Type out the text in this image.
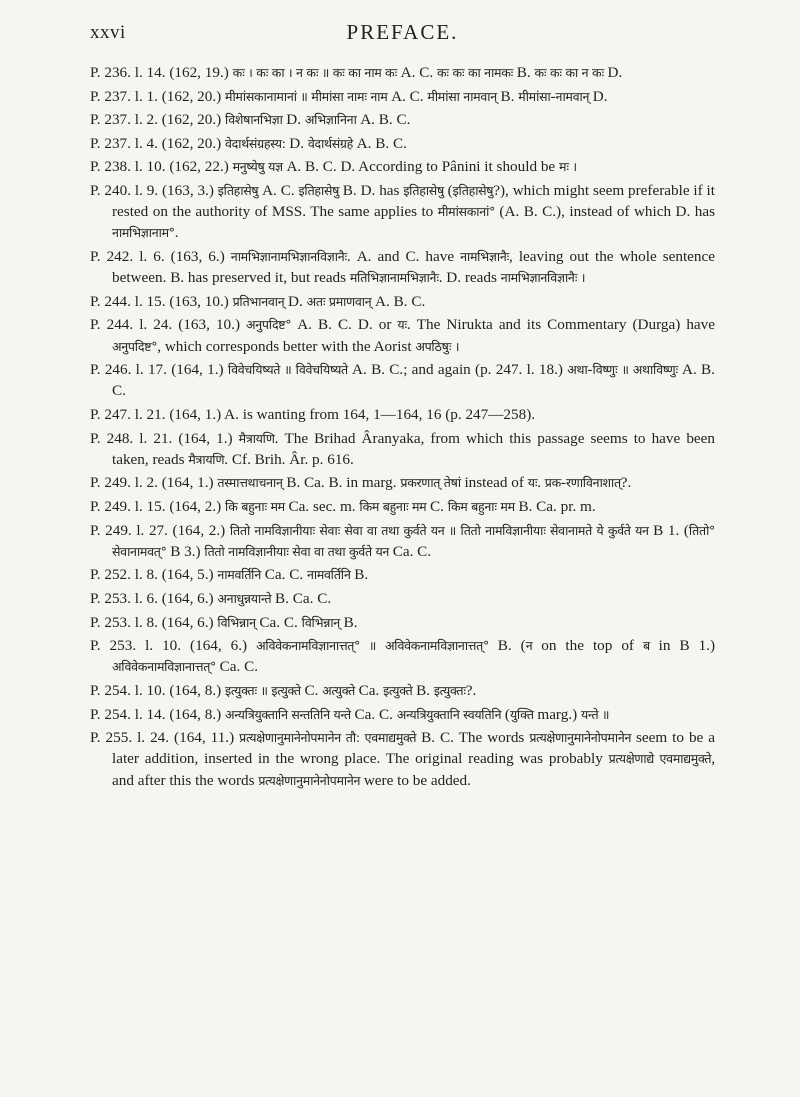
xxvi	PREFACE.

P. 236. l. 14. (162, 19.) कः । कः का । न कः ॥ कः का नाम कः A. C. कः कः का नामकः B. कः कः का न कः D.

P. 237. l. 1. (162, 20.) मीमांसकानामानां ॥ मीमांसा नामः नाम A. C. मीमांसा नामवान् B. मीमांसा-नामवान् D.

P. 237. l. 2. (162, 20.) विशेषानभिज्ञा D. अभिज्ञानिना A. B. C.

P. 237. l. 4. (162, 20.) वेदार्थसंग्रहस्य: D. वेदार्थसंग्रहे A. B. C.

P. 238. l. 10. (162, 22.) मनुष्येषु यज्ञ A. B. C. D. According to Pânini it should be मः ।

P. 240. l. 9. (163, 3.) इतिहासेषु A. C. इतिहासेषु B. D. has इतिहासेषु (इतिहासेषु?), which might seem preferable if it rested on the authority of MSS. The same applies to मीमांसकानां° (A. B. C.), instead of which D. has नामभिज्ञानाम°.

P. 242. l. 6. (163, 6.) नामभिज्ञानामभिज्ञानविज्ञानैः. A. and C. have नामभिज्ञानैः, leaving out the whole sentence between. B. has preserved it, but reads मतिभिज्ञानामभिज्ञानैः. D. reads नामभिज्ञानविज्ञानैः ।

P. 244. l. 15. (163, 10.) प्रतिभानवान् D. अतः प्रमाणवान् A. B. C.

P. 244. l. 24. (163, 10.) अनुपदिष्ट° A. B. C. D. or यः. The Nirukta and its Commentary (Durga) have अनुपदिष्ट°, which corresponds better with the Aorist अपठिषुः ।

P. 246. l. 17. (164, 1.) विवेचयिष्यते ॥ विवेचयिष्यते A. B. C.; and again (p. 247. l. 18.) अथा-विष्णुः ॥ अथाविष्णुः A. B. C.

P. 247. l. 21. (164, 1.) A. is wanting from 164, 1—164, 16 (p. 247—258).

P. 248. l. 21. (164, 1.) मैत्रायणि. The Brihad Âranyaka, from which this passage seems to have been taken, reads मैत्रायणि. Cf. Brih. Âr. p. 616.

P. 249. l. 2. (164, 1.) तस्मात्तथाचनान् B. Ca. B. in marg. प्रकरणात् तेषां instead of यः. प्रक-रणाविनाशात्?.

P. 249. l. 15. (164, 2.) कि बहुनाः मम Ca. sec. m. किम बहुनाः मम C. किम बहुनाः मम B. Ca. pr. m.

P. 249. l. 27. (164, 2.) तितो नामविज्ञानीयाः सेवाः सेवा वा तथा कुर्वते यन ॥ तितो नामविज्ञानीयाः सेवानामते ये कुर्वते यन B 1. (तितो° सेवानामवत्° B 3.) तितो नामविज्ञानीयाः सेवा वा तथा कुर्वते यन Ca. C.

P. 252. l. 8. (164, 5.) नामवर्तिनि Ca. C. नामवर्तिनि B.

P. 253. l. 6. (164, 6.) अनाधुन्नयान्ते B. Ca. C.

P. 253. l. 8. (164, 6.) विभिन्नान् Ca. C. विभिन्नान् B.

P. 253. l. 10. (164, 6.) अविवेकनामविज्ञानात्तत्° ॥ अविवेकनामविज्ञानात्तत्° B. (न on the top of ब in B 1.) अविवेकनामविज्ञानात्तत्° Ca. C.

P. 254. l. 10. (164, 8.) इत्युक्तः ॥ इत्युक्ते C. अत्युक्ते Ca. इत्युक्ते B. इत्युक्तः?.

P. 254. l. 14. (164, 8.) अन्यत्रियुक्तानि सन्ततिनि यन्ते Ca. C. अन्यत्रियुक्तानि स्वयतिनि (युक्ति marg.) यन्ते ॥

P. 255. l. 24. (164, 11.) प्रत्यक्षेणानुमानेनोपमानेन तौ: एवमाद्यमुक्ते B. C. The words प्रत्यक्षेणानुमानेनोपमानेन seem to be a later addition, inserted in the wrong place. The original reading was probably प्रत्यक्षेणाद्ये एवमाद्यमुक्ते, and after this the words प्रत्यक्षेणानुमानेनोपमानेन were to be added.
